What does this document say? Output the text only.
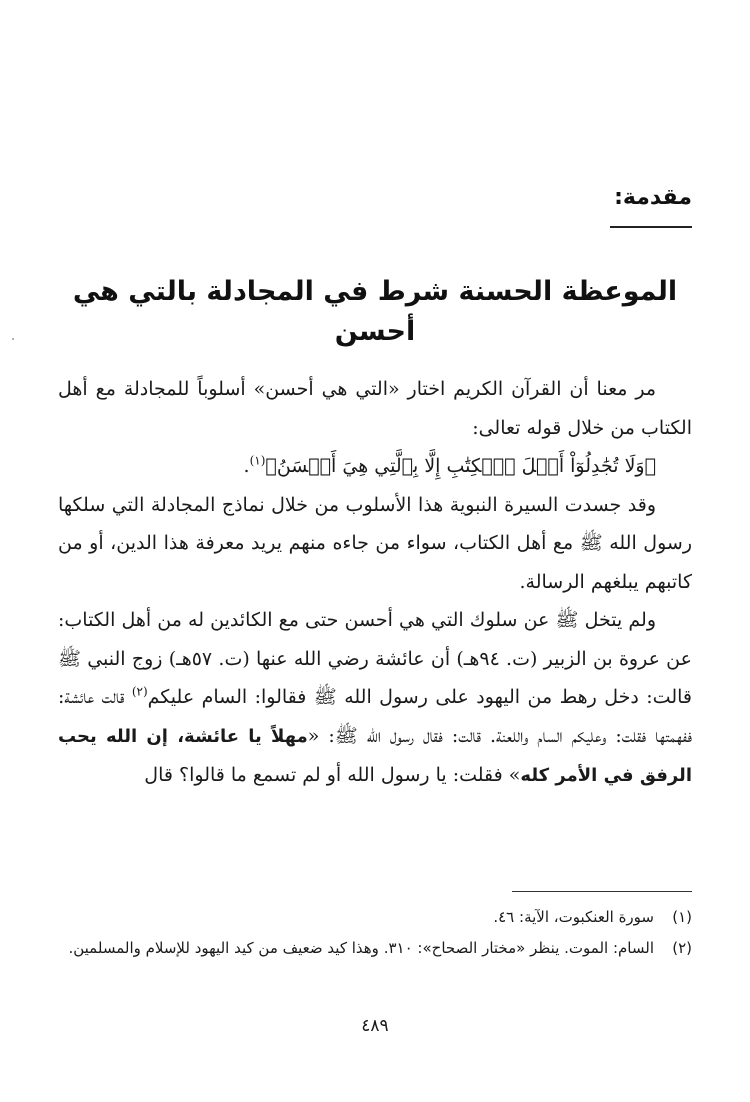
مقدمة:
الموعظة الحسنة شرط في المجادلة بالتي هي أحسن

مر معنا أن القرآن الكريم اختار «التي هي أحسن» أسلوباً للمجادلة مع أهل الكتاب من خلال قوله تعالى:

﴿وَلَا تُجَٰدِلُوٓاْ أَهۡلَ ٱلۡكِتَٰبِ إِلَّا بِٱلَّتِي هِيَ أَحۡسَنُ﴾$^{(١)}$.

وقد جسدت السيرة النبوية هذا الأسلوب من خلال نماذج المجادلة التي سلكها رسول الله ﷺ مع أهل الكتاب، سواء من جاءه منهم يريد معرفة هذا الدين، أو من كاتبهم يبلغهم الرسالة.

ولم يتخل ﷺ عن سلوك التي هي أحسن حتى مع الكائدين له من أهل الكتاب: عن عروة بن الزبير (ت. ٩٤هـ) أن عائشة رضي الله عنها (ت. ٥٧هـ) زوج النبي ﷺ قالت: دخل رهط من اليهود على رسول الله ﷺ فقالوا: السام عليكم$^{(٢)}$ قالت عائشة: ففهمتها فقلت: وعليكم السام واللعنة. قالت: فقال رسول الله ﷺ: «مهلاً يا عائشة، إن الله يحب الرفق في الأمر كله» فقلت: يا رسول الله أو لم تسمع ما قالوا؟ قال

(١)
سورة العنكبوت، الآية: ٤٦.

(٢)
السام: الموت. ينظر «مختار الصحاح»: ٣١٠. وهذا كيد ضعيف من كيد اليهود للإسلام والمسلمين.

٤٨٩
